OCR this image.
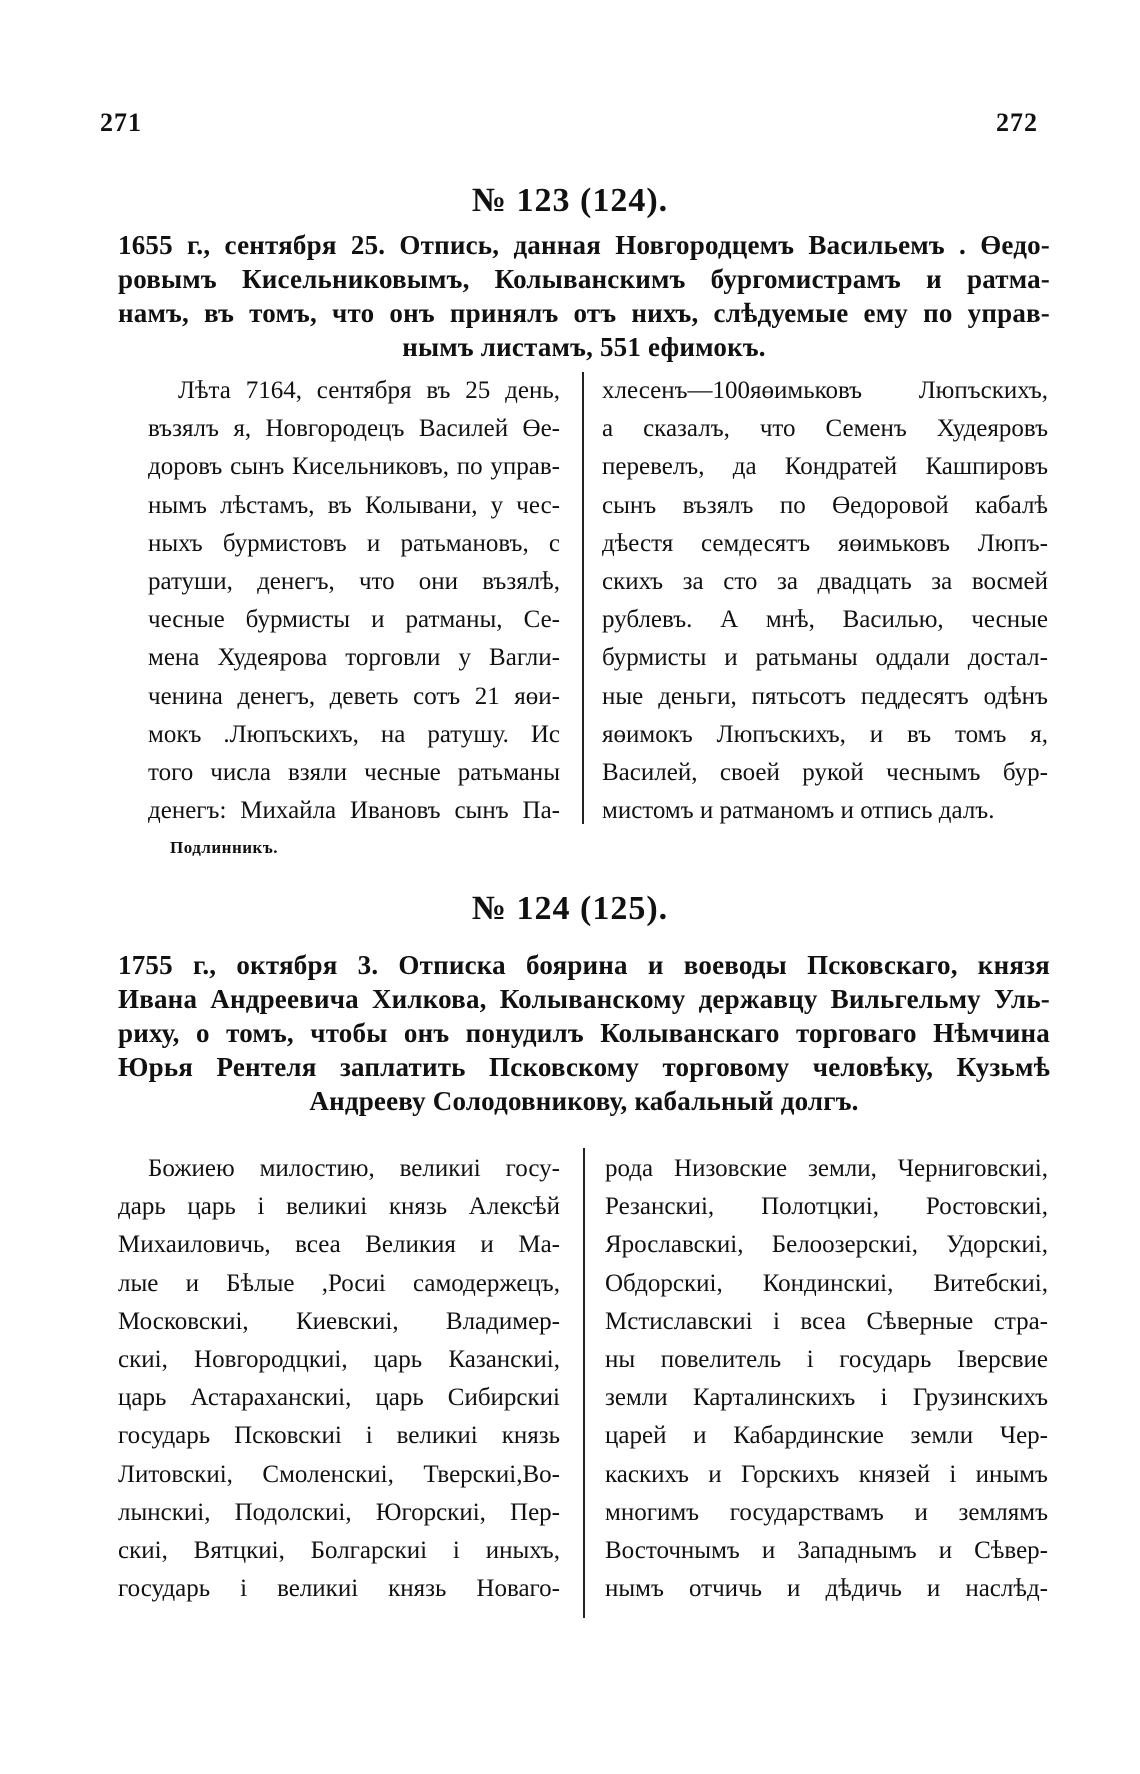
271	272
№ 123 (124).
1655 г., сентября 25. Отпись, данная Новгородцемъ Васильемъ . Өедо-
ровымъ Кисельниковымъ, Колыванскимъ бургомистрамъ и ратма-
намъ, въ томъ, что онъ принялъ отъ нихъ, слѣдуемые ему по управ-
нымъ листамъ, 551 ефимокъ.
Лѣта 7164, сентября въ 25 день,
възялъ я, Новгородецъ Василей Өе-
доровъ сынъ Кисельниковъ, по управ-
нымъ лѣстамъ, въ Колывани, у чес-
ныхъ бурмистовъ и ратьмановъ, с
ратуши, денегъ, что они възялѣ,
чесные бурмисты и ратманы, Се-
мена Худеярова торговли у Вагли-
ченина денегъ, деветь сотъ 21 яөи-
мокъ .Люпъскихъ, на ратушу. Ис
того числа взяли чесные ратьманы
денегъ: Михайла Ивановъ сынъ Па-
хлесенъ—100яөимьковъ Люпъскихъ,
а сказалъ, что Семенъ Худеяровъ
перевелъ, да Кондратей Кашпировъ
сынъ възялъ по Өедоровой кабалѣ
дѣестя семдесятъ яөимьковъ Люпъ-
скихъ за сто за двадцать за восмей
рублевъ. А мнѣ, Василью, чесные
бурмисты и ратьманы оддали достал-
ные деньги, пятьсотъ педдесятъ одѣнъ
яөимокъ Люпъскихъ, и въ томъ я,
Василей, своей рукой чеснымъ бур-
мистомъ и ратманомъ и отпись далъ.
Подлинникъ.
№ 124 (125).
1755 г., октября 3. Отписка боярина и воеводы Псковскаго, князя
Ивана Андреевича Хилкова, Колыванскому державцу Вильгельму Уль-
риху, о томъ, чтобы онъ понудилъ Колыванскаго торговаго Нѣмчина
Юрья Рентеля заплатить Псковскому торговому человѣку, Кузьмѣ
Андрееву Солодовникову, кабальный долгъ.
Божиею милостию, великиі госу-
дарь царь і великиі князь Алексѣй
Михаиловичь, всеа Великия и Ма-
лые и Бѣлые ,Росиі самодержецъ,
Московскиі, Киевскиі, Владимер-
скиі, Новгородцкиі, царь Казанскиі,
царь Астараханскиі, царь Сибирскиі
государь Псковскиі і великиі князь
Литовскиі, Смоленскиі, Тверскиі,Во-
лынскиі, Подолскиі, Югорскиі, Пер-
скиі, Вятцкиі, Болгарскиі і иныхъ,
государь і великиі князь Новаго-
рода Низовские земли, Черниговскиі,
Резанскиі, Полотцкиі, Ростовскиі,
Ярославскиі, Белоозерскиі, Удорскиі,
Обдорскиі, Кондинскиі, Витебскиі,
Мстиславскиі і всеа Сѣверные стра-
ны повелитель і государь Іверсвие
земли Карталинскихъ і Грузинскихъ
царей и Кабардинские земли Чер-
каскихъ и Горскихъ князей і инымъ
многимъ государствамъ и землямъ
Восточнымъ и Западнымъ и Сѣвер-
нымъ отчичь и дѣдичь и наслѣд-
